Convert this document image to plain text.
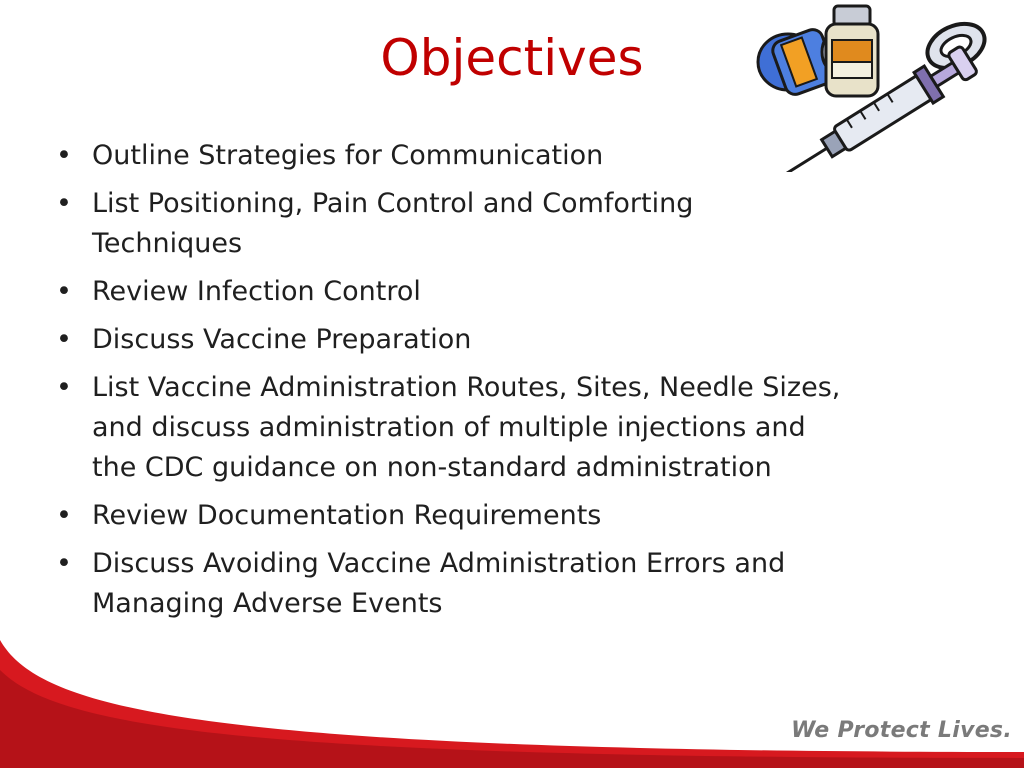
Objectives
• Outline Strategies for Communication
• List Positioning, Pain Control and Comforting
Techniques
• Review Infection Control
• Discuss Vaccine Preparation
• List Vaccine Administration Routes, Sites, Needle Sizes,
and discuss administration of multiple injections and
the CDC guidance on non-standard administration
• Review Documentation Requirements
• Discuss Avoiding Vaccine Administration Errors and
Managing Adverse Events
We Protect Lives.
